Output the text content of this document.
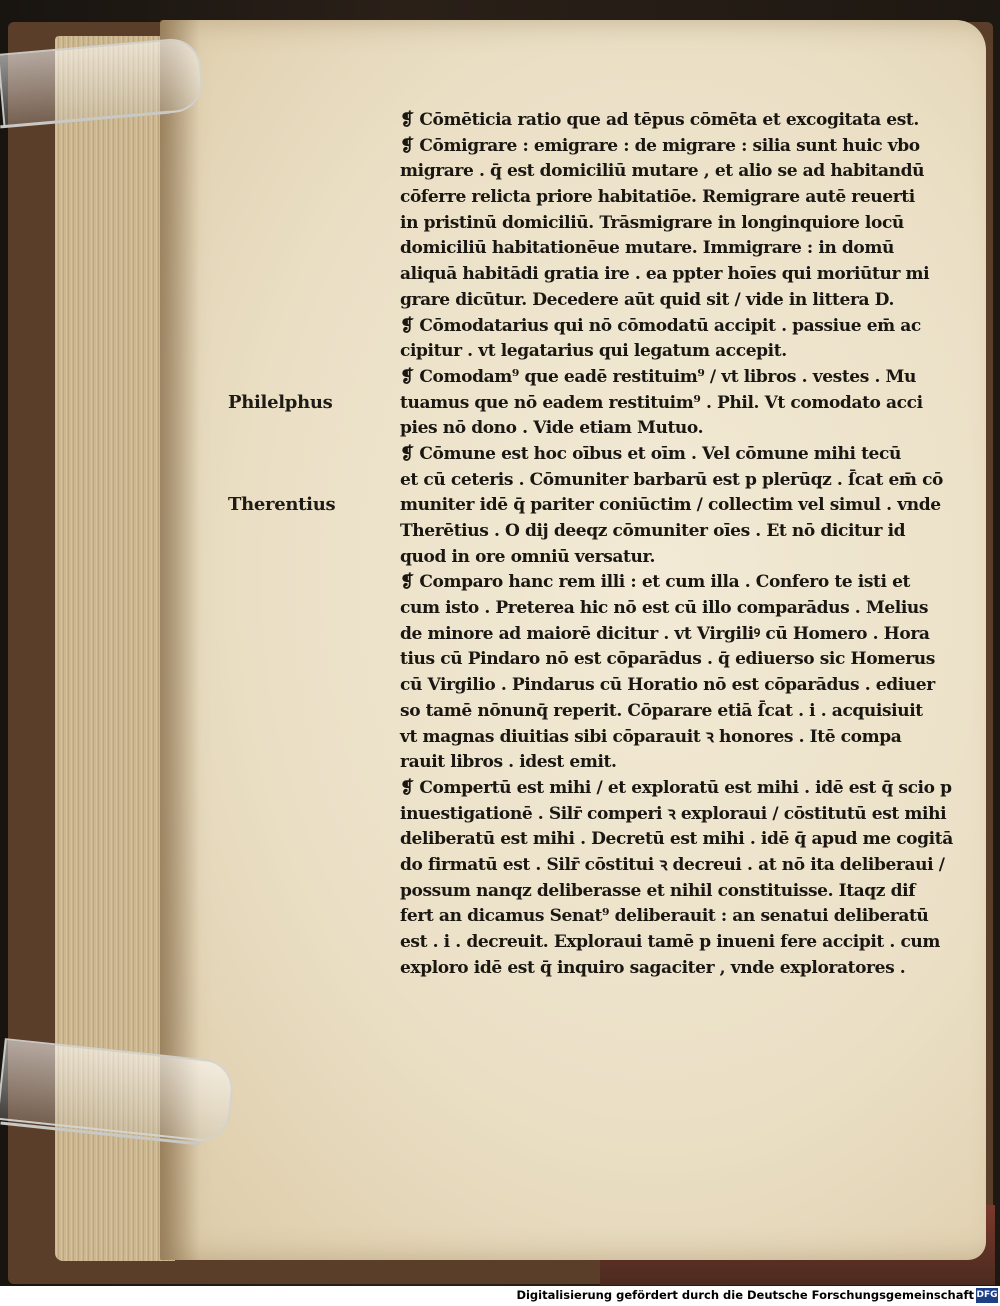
Philelphus
Therentius
❡ Cōmēticia ratio que ad tēpus cōmēta et excogitata est.
❡ Cōmigrare : emigrare : de migrare : silia sunt huic vbo
migrare . q̄ est domiciliū mutare , et alio se ad habitandū
cōferre relicta priore habitatiōe. Remigrare autē reuerti
in pristinū domiciliū. Trāsmigrare in longinquiore locū
domiciliū habitationēue mutare. Immigrare : in domū
aliquā habitādi gratia ire . ea ppter hoīes qui moriūtur mi
grare dicūtur. Decedere aūt quid sit / vide in littera D.
❡ Cōmodatarius qui nō cōmodatū accipit . passiue em̄ ac
cipitur . vt legatarius qui legatum accepit.
❡ Comodam⁹ que eadē restituim⁹ / vt libros . vestes . Mu
tuamus que nō eadem restituim⁹ . Phil. Vt comodato acci
pies nō dono . Vide etiam Mutuo.
❡ Cōmune est hoc oībus et oīm . Vel cōmune mihi tecū
et cū ceteris . Cōmuniter barbarū est p plerūqz . ſ̄cat em̄ cō
muniter idē q̄ pariter coniūctim / collectim vel simul . vnde
Therētius . O dij deeqz cōmuniter oīes . Et nō dicitur id
quod in ore omniū versatur.
❡ Comparo hanc rem illi : et cum illa . Confero te isti et
cum isto . Preterea hic nō est cū illo comparādus . Melius
de minore ad maiorē dicitur . vt Virgiliꝰ cū Homero . Hora
tius cū Pindaro nō est cōparādus . q̄ ediuerso sic Homerus
cū Virgilio . Pindarus cū Horatio nō est cōparādus . ediuer
so tamē nōnunq̄ reperit. Cōparare etiā ſ̄cat . i . acquisiuit
vt magnas diuitias sibi cōparauit ꝛ honores . Itē compa
rauit libros . idest emit.
❡ Compertū est mihi / et exploratū est mihi . idē est q̄ scio p
inuestigationē . Silr̄ comperi ꝛ exploraui / cōstitutū est mihi
deliberatū est mihi . Decretū est mihi . idē q̄ apud me cogitā
do firmatū est . Silr̄ cōstitui ꝛ decreui . at nō ita deliberaui /
possum nanqz deliberasse et nihil constituisse. Itaqz dif
fert an dicamus Senat⁹ deliberauit : an senatui deliberatū
est . i . decreuit. Exploraui tamē p inueni fere accipit . cum
exploro idē est q̄ inquiro sagaciter , vnde exploratores .
Digitalisierung gefördert durch die Deutsche Forschungsgemeinschaft DFG
